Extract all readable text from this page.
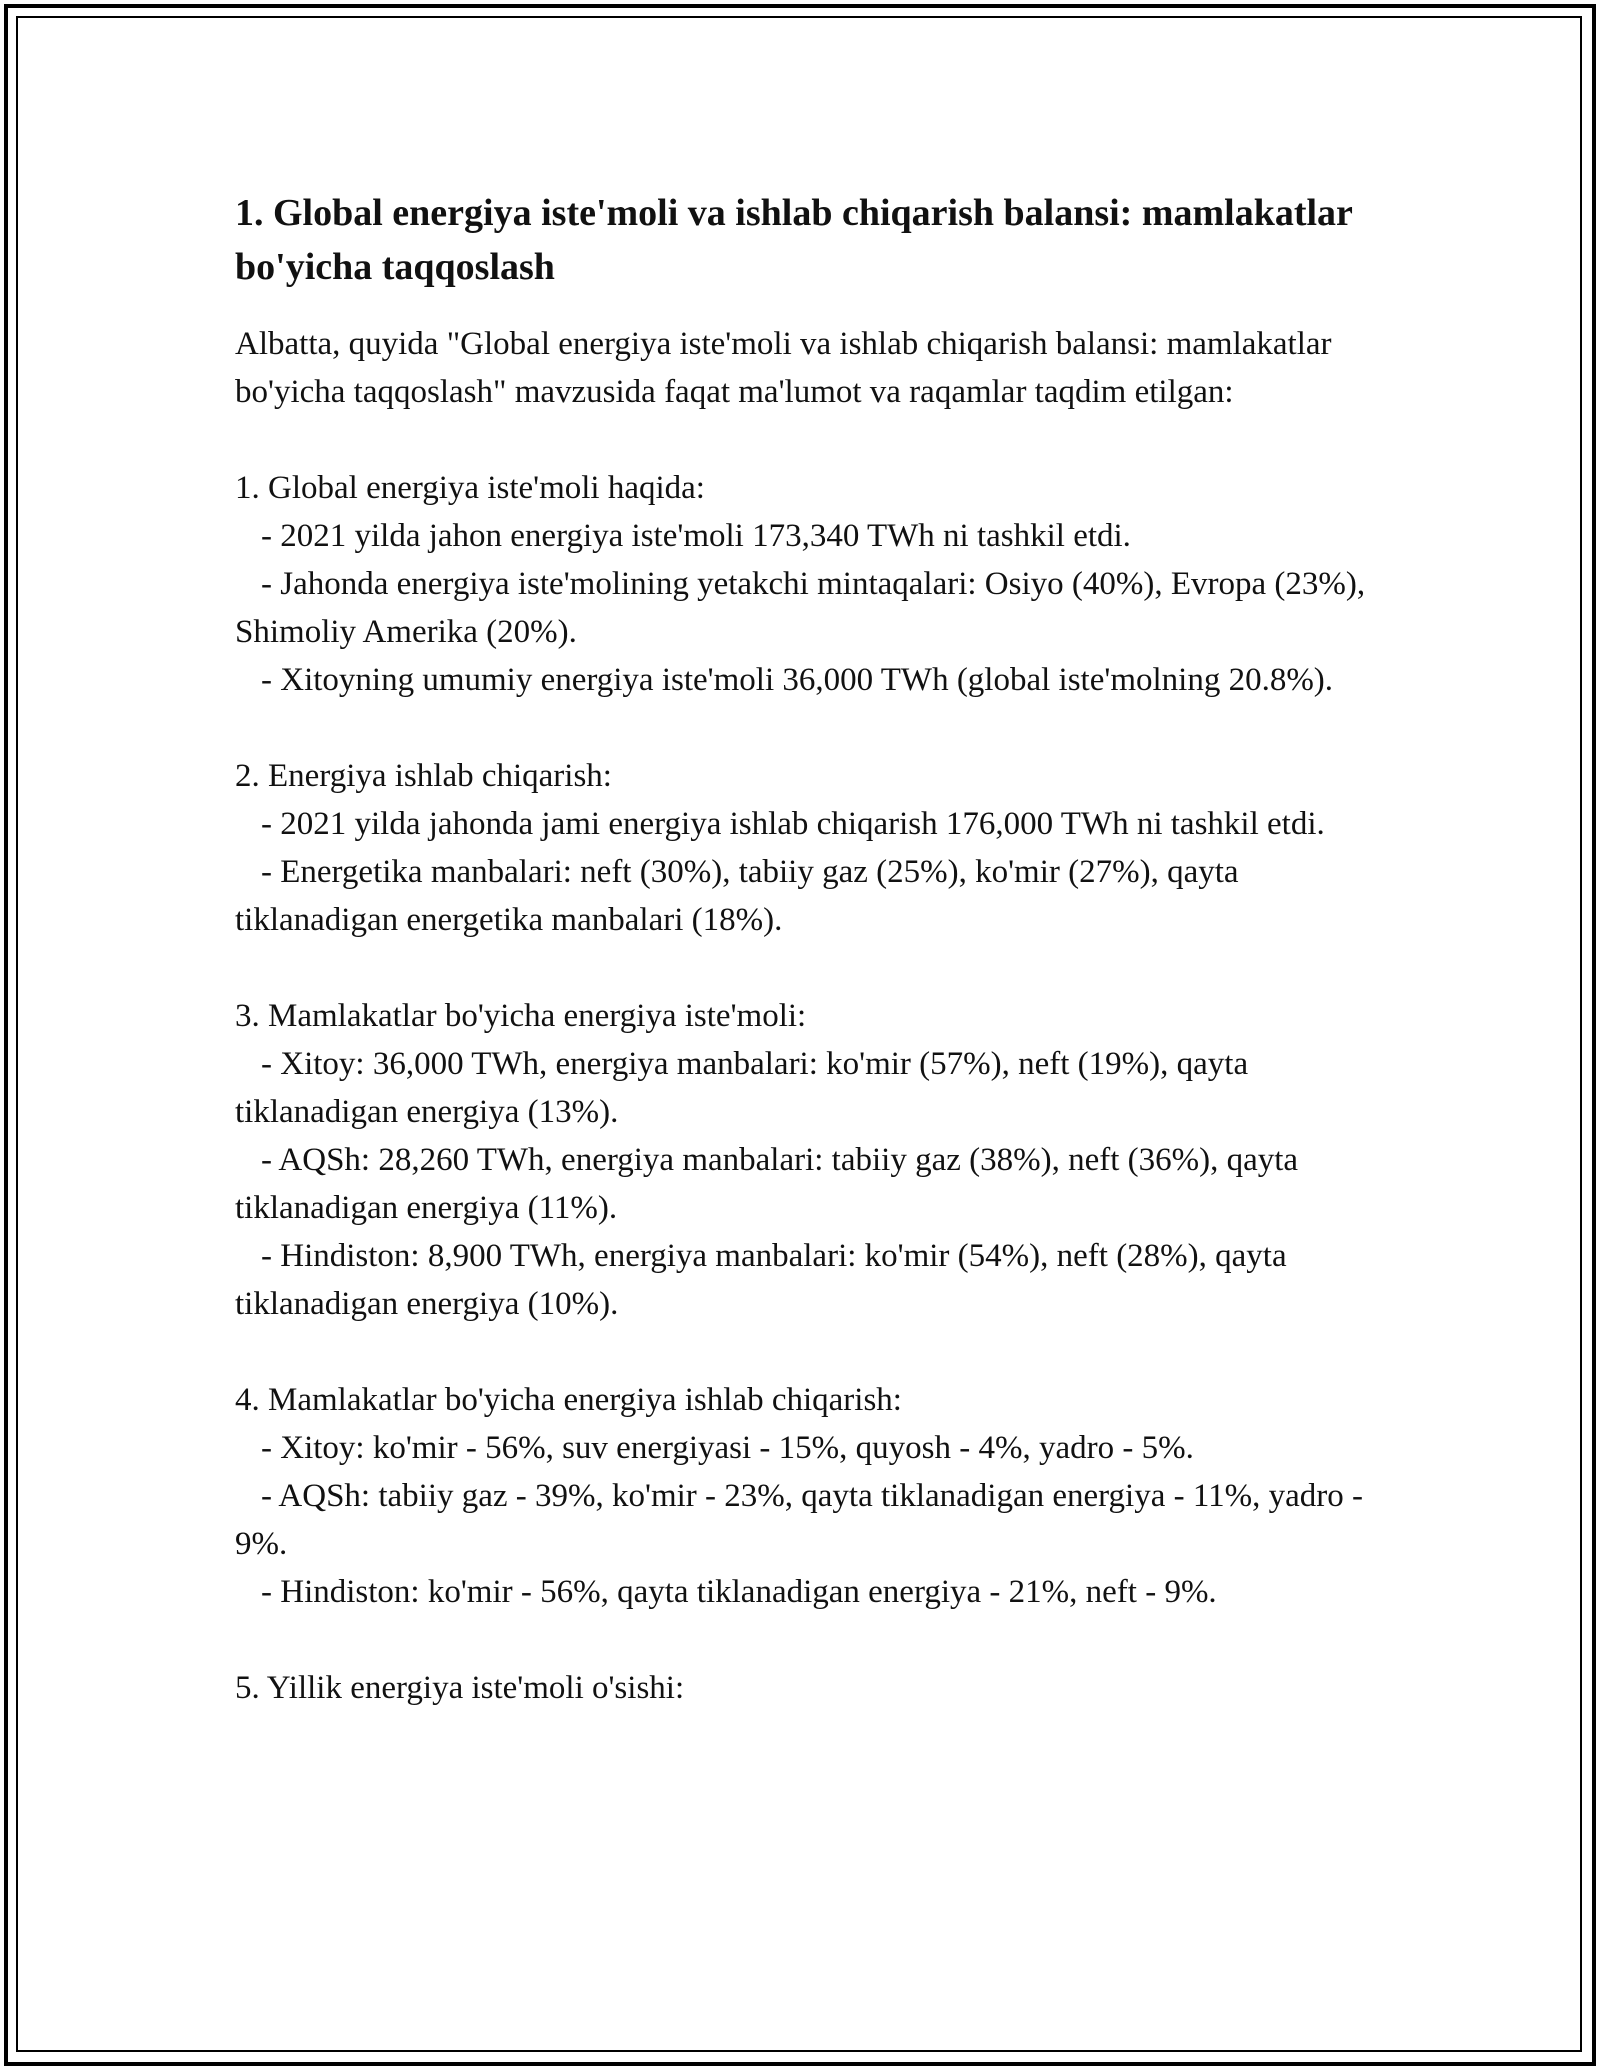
1. Global energiya iste'moli va ishlab chiqarish balansi: mamlakatlar bo'yicha taqqoslash

Albatta, quyida "Global energiya iste'moli va ishlab chiqarish balansi: mamlakatlar bo'yicha taqqoslash" mavzusida faqat ma'lumot va raqamlar taqdim etilgan:

1. Global energiya iste'moli haqida:

- 2021 yilda jahon energiya iste'moli 173,340 TWh ni tashkil etdi.

- Jahonda energiya iste'molining yetakchi mintaqalari: Osiyo (40%), Evropa (23%), Shimoliy Amerika (20%).

- Xitoyning umumiy energiya iste'moli 36,000 TWh (global iste'molning 20.8%).

2. Energiya ishlab chiqarish:

- 2021 yilda jahonda jami energiya ishlab chiqarish 176,000 TWh ni tashkil etdi.

- Energetika manbalari: neft (30%), tabiiy gaz (25%), ko'mir (27%), qayta tiklanadigan energetika manbalari (18%).

3. Mamlakatlar bo'yicha energiya iste'moli:

- Xitoy: 36,000 TWh, energiya manbalari: ko'mir (57%), neft (19%), qayta tiklanadigan energiya (13%).

- AQSh: 28,260 TWh, energiya manbalari: tabiiy gaz (38%), neft (36%), qayta tiklanadigan energiya (11%).

- Hindiston: 8,900 TWh, energiya manbalari: ko'mir (54%), neft (28%), qayta tiklanadigan energiya (10%).

4. Mamlakatlar bo'yicha energiya ishlab chiqarish:

- Xitoy: ko'mir - 56%, suv energiyasi - 15%, quyosh - 4%, yadro - 5%.

- AQSh: tabiiy gaz - 39%, ko'mir - 23%, qayta tiklanadigan energiya - 11%, yadro - 9%.

- Hindiston: ko'mir - 56%, qayta tiklanadigan energiya - 21%, neft - 9%.

5. Yillik energiya iste'moli o'sishi:
